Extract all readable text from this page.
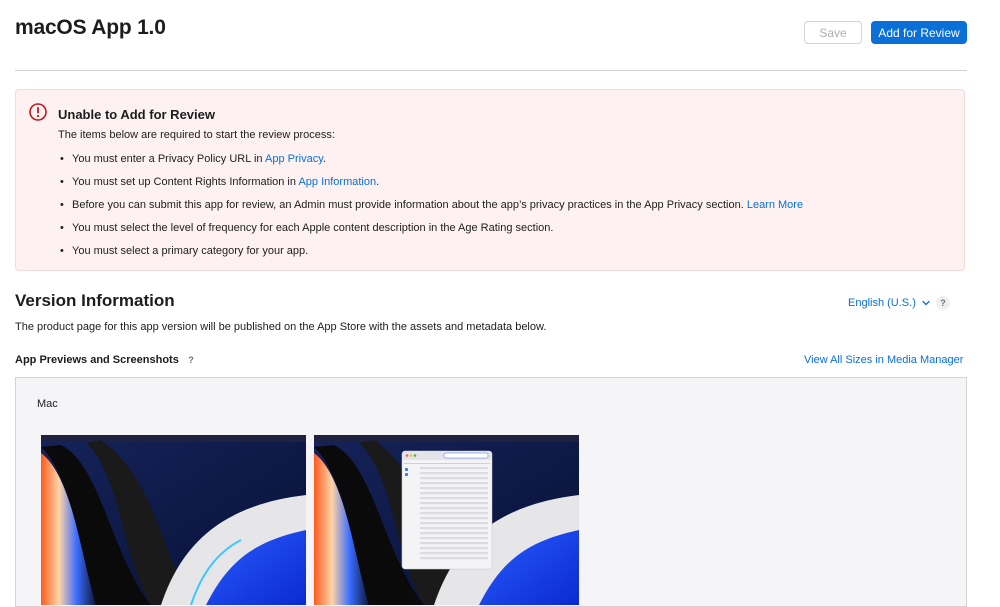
macOS App 1.0	Save	Add for Review
Unable to Add for Review
The items below are required to start the review process:
• You must enter a Privacy Policy URL in App Privacy.
• You must set up Content Rights Information in App Information.
• Before you can submit this app for review, an Admin must provide information about the app’s privacy practices in the App Privacy section. Learn More
• You must select the level of frequency for each Apple content description in the Age Rating section.
• You must select a primary category for your app.
Version Information	English (U.S.)	?
The product page for this app version will be published on the App Store with the assets and metadata below.
App Previews and Screenshots	?	View All Sizes in Media Manager
Mac
